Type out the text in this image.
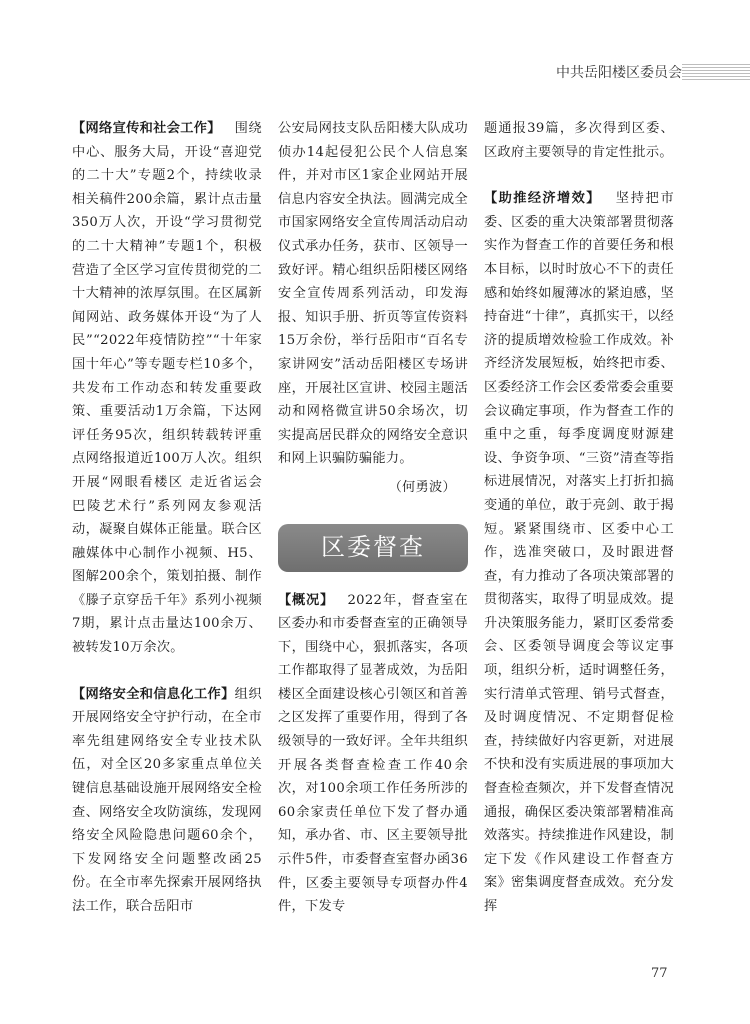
中共岳阳楼区委员会

【网络宣传和社会工作】  围绕中心、服务大局，开设“喜迎党的二十大”专题2个，持续收录相关稿件200余篇，累计点击量350万人次，开设“学习贯彻党的二十大精神”专题1个，积极营造了全区学习宣传贯彻党的二十大精神的浓厚氛围。在区属新闻网站、政务媒体开设“为了人民”“2022年疫情防控”“十年家国十年心”等专题专栏10多个，共发布工作动态和转发重要政策、重要活动1万余篇，下达网评任务95次，组织转载转评重点网络报道近100万人次。组织开展“网眼看楼区 走近省运会 巴陵艺术行”系列网友参观活动，凝聚自媒体正能量。联合区融媒体中心制作小视频、H5、图解200余个，策划拍摄、制作《滕子京穿岳千年》系列小视频7期，累计点击量达100余万、被转发10万余次。

【网络安全和信息化工作】组织开展网络安全守护行动，在全市率先组建网络安全专业技术队伍，对全区20多家重点单位关键信息基础设施开展网络安全检查、网络安全攻防演练，发现网络安全风险隐患问题60余个，下发网络安全问题整改函25份。在全市率先探索开展网络执法工作，联合岳阳市

公安局网技支队岳阳楼大队成功侦办14起侵犯公民个人信息案件，并对市区1家企业网站开展信息内容安全执法。圆满完成全市国家网络安全宣传周活动启动仪式承办任务，获市、区领导一致好评。精心组织岳阳楼区网络安全宣传周系列活动，印发海报、知识手册、折页等宣传资料15万余份，举行岳阳市“百名专家讲网安”活动岳阳楼区专场讲座，开展社区宣讲、校园主题活动和网格微宣讲50余场次，切实提高居民群众的网络安全意识和网上识骗防骗能力。

（何勇波）

区委督查

【概况】  2022年，督查室在区委办和市委督查室的正确领导下，围绕中心，狠抓落实，各项工作都取得了显著成效，为岳阳楼区全面建设核心引领区和首善之区发挥了重要作用，得到了各级领导的一致好评。全年共组织开展各类督查检查工作40余次，对100余项工作任务所涉的60余家责任单位下发了督办通知，承办省、市、区主要领导批示件5件，市委督查室督办函36件，区委主要领导专项督办件4件，下发专

题通报39篇，多次得到区委、区政府主要领导的肯定性批示。

【助推经济增效】  坚持把市委、区委的重大决策部署贯彻落实作为督查工作的首要任务和根本目标，以时时放心不下的责任感和始终如履薄冰的紧迫感，坚持奋进“十律”，真抓实干，以经济的提质增效检验工作成效。补齐经济发展短板，始终把市委、区委经济工作会区委常委会重要会议确定事项，作为督查工作的重中之重，每季度调度财源建设、争资争项、“三资”清查等指标进展情况，对落实上打折扣搞变通的单位，敢于亮剑、敢于揭短。紧紧围绕市、区委中心工作，选准突破口，及时跟进督查，有力推动了各项决策部署的贯彻落实，取得了明显成效。提升决策服务能力，紧盯区委常委会、区委领导调度会等议定事项，组织分析，适时调整任务，实行清单式管理、销号式督查，及时调度情况、不定期督促检查，持续做好内容更新，对进展不快和没有实质进展的事项加大督查检查频次，并下发督查情况通报，确保区委决策部署精准高效落实。持续推进作风建设，制定下发《作风建设工作督查方案》密集调度督查成效。充分发挥

77
